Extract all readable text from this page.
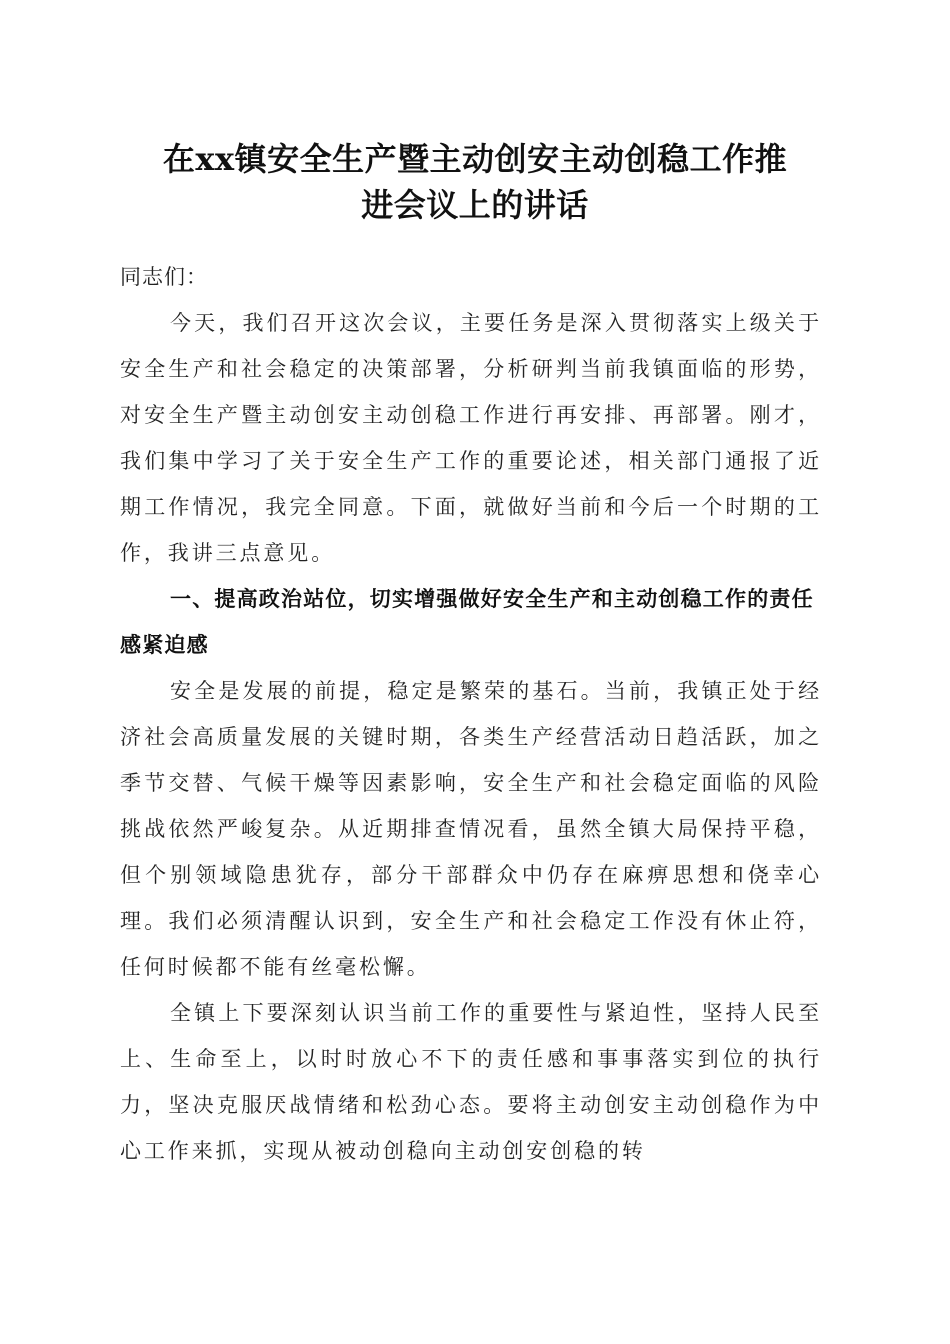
在xx镇安全生产暨主动创安主动创稳工作推
进会议上的讲话

同志们：

今天，我们召开这次会议，主要任务是深入贯彻落实上级关于安全生产和社会稳定的决策部署，分析研判当前我镇面临的形势，对安全生产暨主动创安主动创稳工作进行再安排、再部署。刚才，我们集中学习了关于安全生产工作的重要论述，相关部门通报了近期工作情况，我完全同意。下面，就做好当前和今后一个时期的工作，我讲三点意见。

一、提高政治站位，切实增强做好安全生产和主动创稳工作的责任感紧迫感

安全是发展的前提，稳定是繁荣的基石。当前，我镇正处于经济社会高质量发展的关键时期，各类生产经营活动日趋活跃，加之季节交替、气候干燥等因素影响，安全生产和社会稳定面临的风险挑战依然严峻复杂。从近期排查情况看，虽然全镇大局保持平稳，但个别领域隐患犹存，部分干部群众中仍存在麻痹思想和侥幸心理。我们必须清醒认识到，安全生产和社会稳定工作没有休止符，任何时候都不能有丝毫松懈。

全镇上下要深刻认识当前工作的重要性与紧迫性，坚持人民至上、生命至上，以时时放心不下的责任感和事事落实到位的执行力，坚决克服厌战情绪和松劲心态。要将主动创安主动创稳作为中心工作来抓，实现从被动创稳向主动创安创稳的转
